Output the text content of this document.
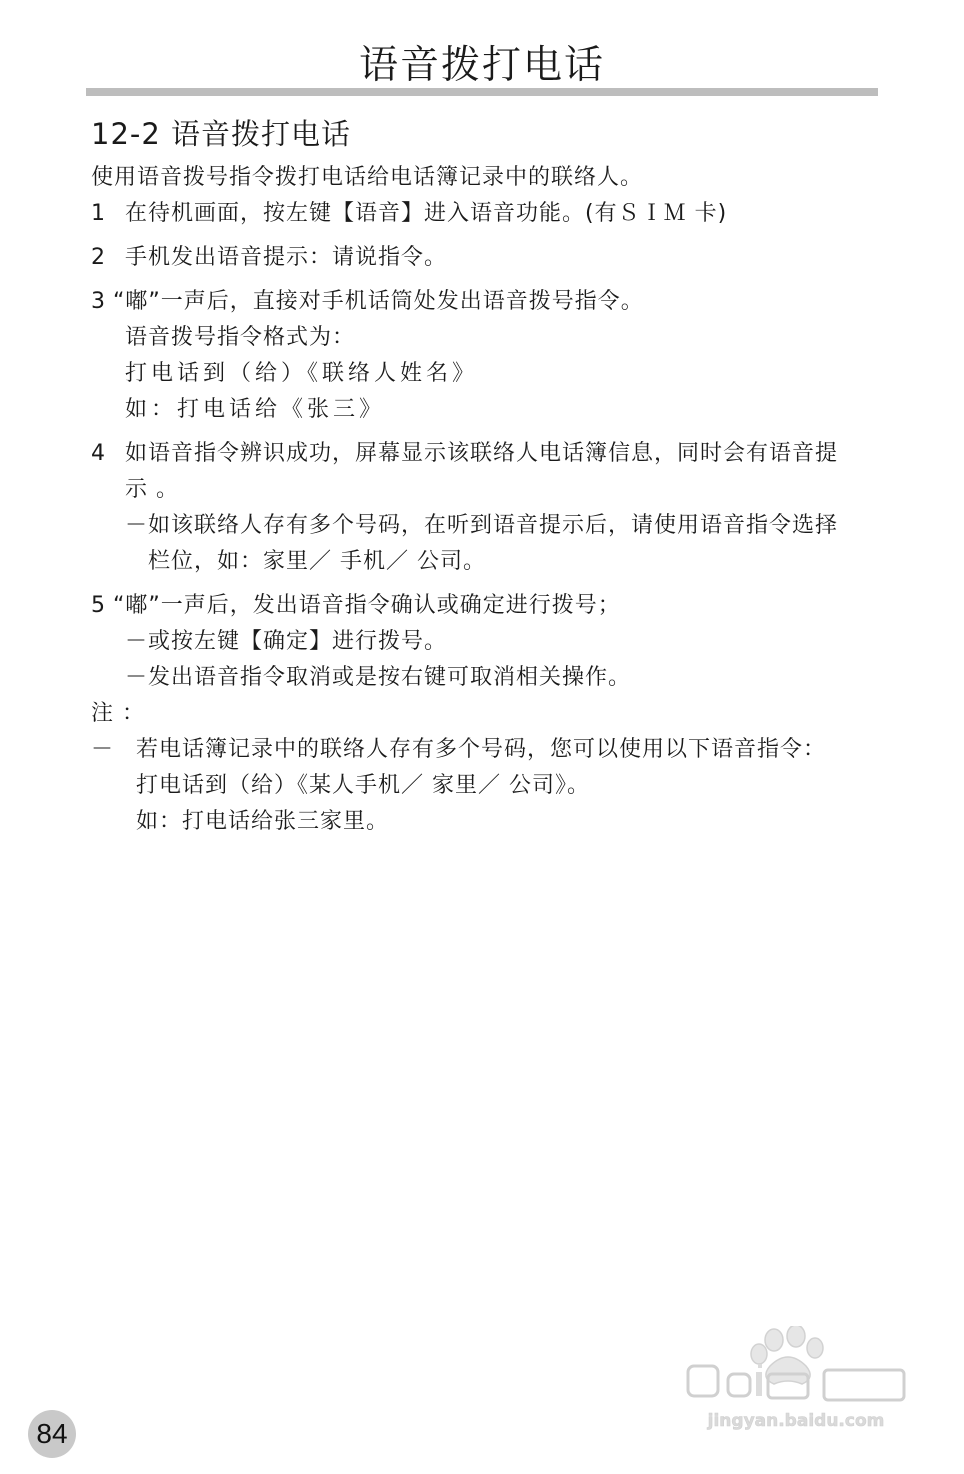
语音拨打电话
12-2 语音拨打电话
使用语音拨号指令拨打电话给电话簿记录中的联络人。
1 在待机画面，按左键【语音】进入语音功能。(有ＳＩＭ 卡)
2 手机发出语音提示：请说指令。
3 “嘟”一声后，直接对手机话筒处发出语音拨号指令。
语音拨号指令格式为：
打电话到（给）《联络人姓名》
如：打电话给《张三》
4 如语音指令辨识成功，屏幕显示该联络人电话簿信息，同时会有语音提
示 。
－如该联络人存有多个号码，在听到语音提示后，请使用语音指令选择
栏位，如：家里／ 手机／ 公司。
5 “嘟”一声后，发出语音指令确认或确定进行拨号；
－或按左键【确定】进行拨号。
－发出语音指令取消或是按右键可取消相关操作。
注 ：
－ 若电话簿记录中的联络人存有多个号码，您可以使用以下语音指令：
打电话到（给）《某人手机／ 家里／ 公司》。
如：打电话给张三家里。
jingyan.baidu.com
84
